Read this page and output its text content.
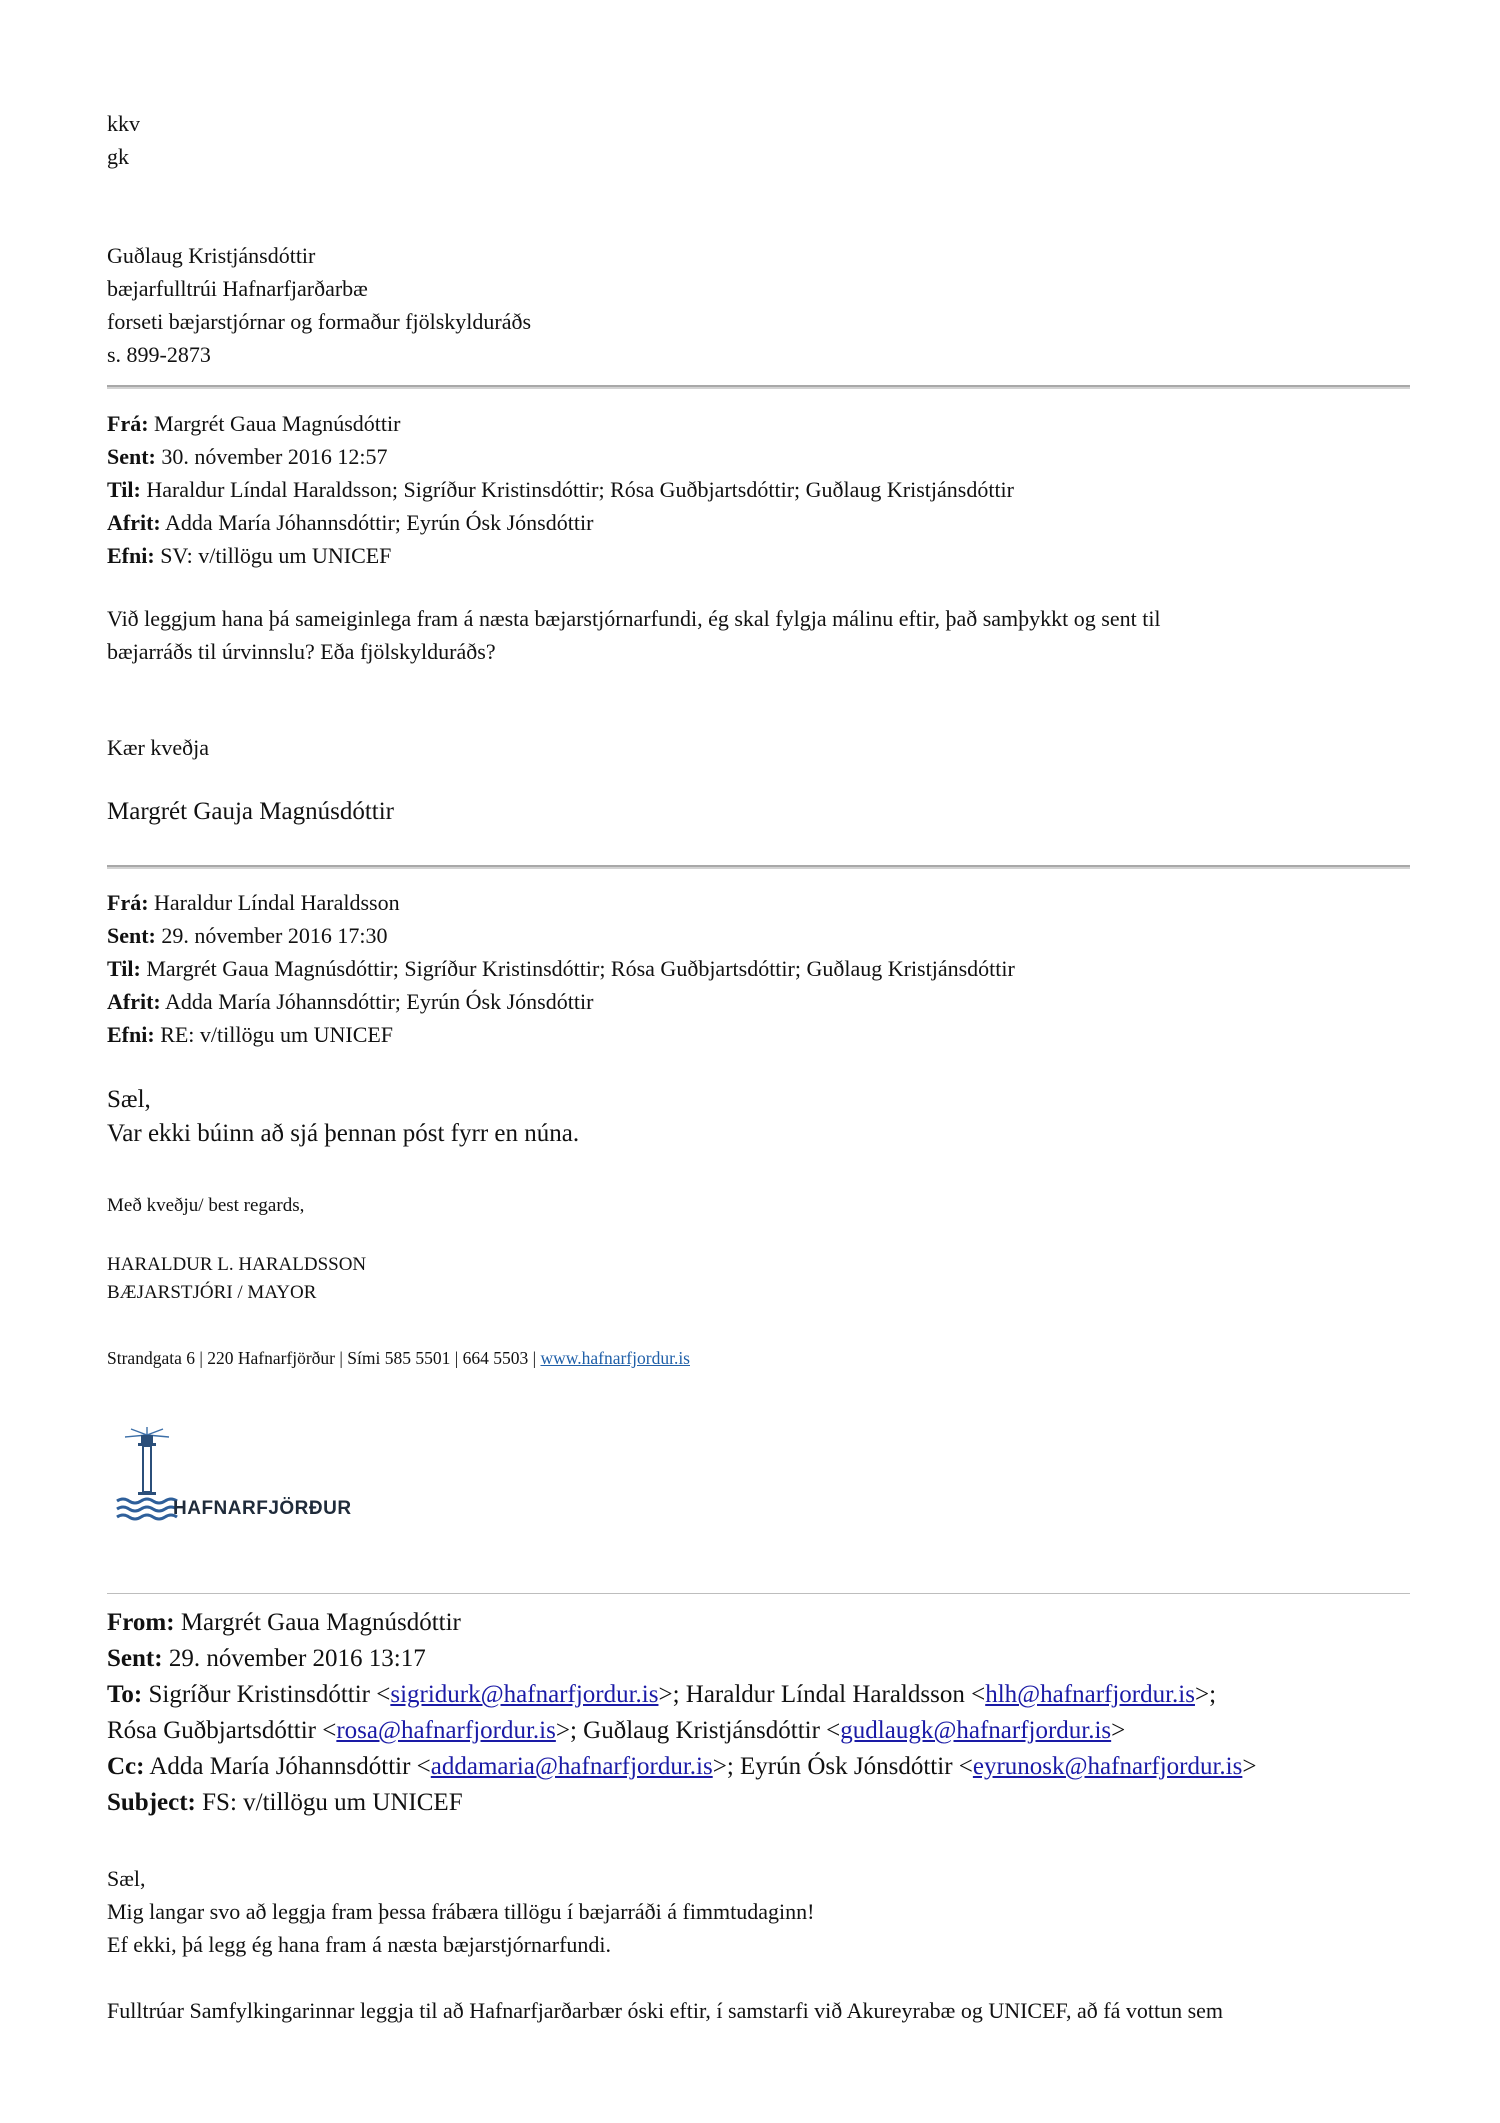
kkv
gk
Guðlaug Kristjánsdóttir
bæjarfulltrúi Hafnarfjarðarbæ
forseti bæjarstjórnar og formaður fjölskylduráðs
s. 899-2873
Frá: Margrét Gaua Magnúsdóttir
Sent: 30. nóvember 2016 12:57
Til: Haraldur Líndal Haraldsson; Sigríður Kristinsdóttir; Rósa Guðbjartsdóttir; Guðlaug Kristjánsdóttir
Afrit: Adda María Jóhannsdóttir; Eyrún Ósk Jónsdóttir
Efni: SV: v/tillögu um UNICEF
Við leggjum hana þá sameiginlega fram á næsta bæjarstjórnarfundi, ég skal fylgja málinu eftir, það samþykkt og sent til
bæjarráðs til úrvinnslu? Eða fjölskylduráðs?
Kær kveðja
Margrét Gauja Magnúsdóttir
Frá: Haraldur Líndal Haraldsson
Sent: 29. nóvember 2016 17:30
Til: Margrét Gaua Magnúsdóttir; Sigríður Kristinsdóttir; Rósa Guðbjartsdóttir; Guðlaug Kristjánsdóttir
Afrit: Adda María Jóhannsdóttir; Eyrún Ósk Jónsdóttir
Efni: RE: v/tillögu um UNICEF
Sæl,
Var ekki búinn að sjá þennan póst fyrr en núna.
Með kveðju/ best regards,
HARALDUR L. HARALDSSON
BÆJARSTJÓRI / MAYOR
Strandgata 6 | 220 Hafnarfjörður | Sími 585 5501 | 664 5503 | www.hafnarfjordur.is
HAFNARFJÖRÐUR
From: Margrét Gaua Magnúsdóttir
Sent: 29. nóvember 2016 13:17
To: Sigríður Kristinsdóttir <sigridurk@hafnarfjordur.is>; Haraldur Líndal Haraldsson <hlh@hafnarfjordur.is>;
Rósa Guðbjartsdóttir <rosa@hafnarfjordur.is>; Guðlaug Kristjánsdóttir <gudlaugk@hafnarfjordur.is>
Cc: Adda María Jóhannsdóttir <addamaria@hafnarfjordur.is>; Eyrún Ósk Jónsdóttir <eyrunosk@hafnarfjordur.is>
Subject: FS: v/tillögu um UNICEF
Sæl,
Mig langar svo að leggja fram þessa frábæra tillögu í bæjarráði á fimmtudaginn!
Ef ekki, þá legg ég hana fram á næsta bæjarstjórnarfundi.
Fulltrúar Samfylkingarinnar leggja til að Hafnarfjarðarbær óski eftir, í samstarfi við Akureyrabæ og UNICEF, að fá vottun sem
